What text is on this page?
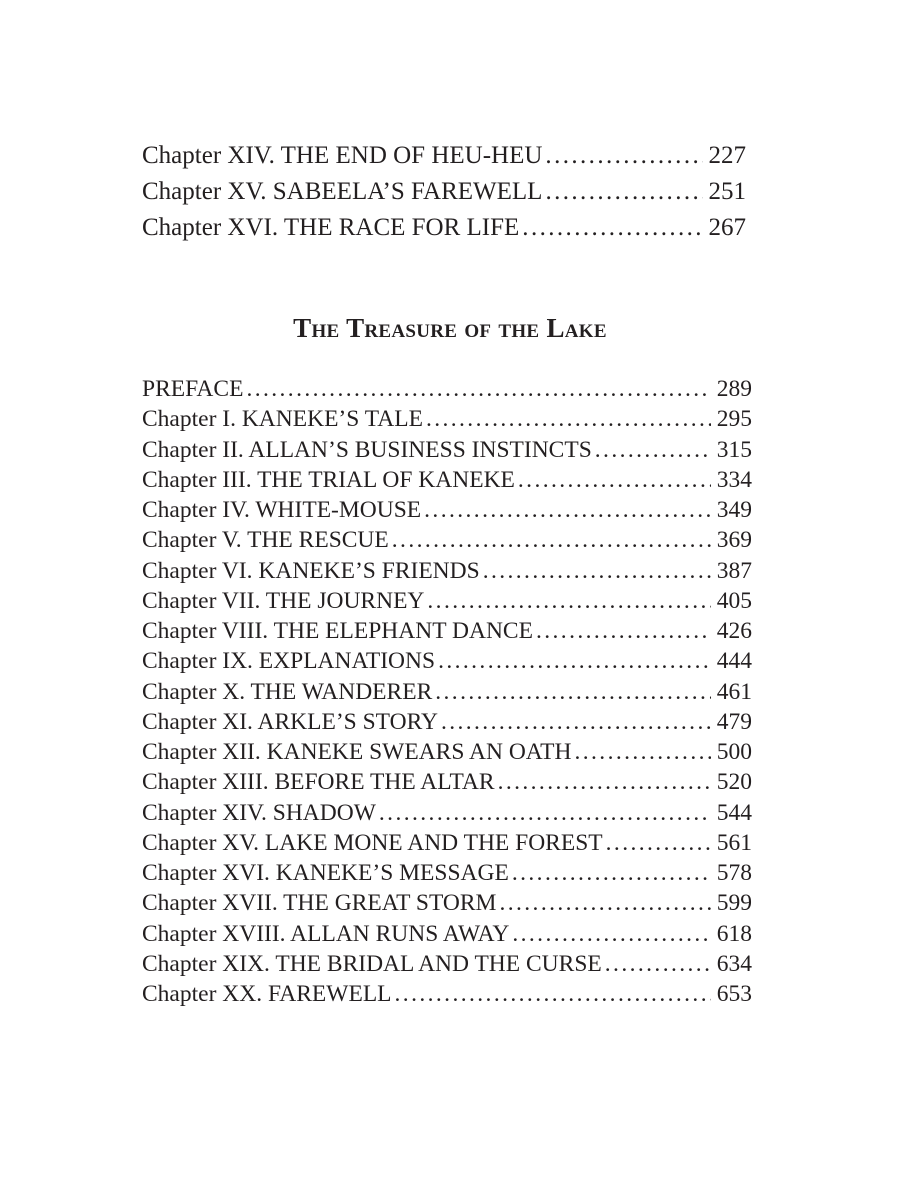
Chapter XIV. THE END OF HEU-HEU .....	227
Chapter XV. SABEELA’S FAREWELL .....	251
Chapter XVI. THE RACE FOR LIFE .....	267
The Treasure of the Lake
PREFACE .....	289
Chapter I. KANEKE’S TALE .....	295
Chapter II. ALLAN’S BUSINESS INSTINCTS .....	315
Chapter III. THE TRIAL OF KANEKE .....	334
Chapter IV. WHITE-MOUSE .....	349
Chapter V. THE RESCUE .....	369
Chapter VI. KANEKE’S FRIENDS .....	387
Chapter VII. THE JOURNEY .....	405
Chapter VIII. THE ELEPHANT DANCE .....	426
Chapter IX. EXPLANATIONS .....	444
Chapter X. THE WANDERER .....	461
Chapter XI. ARKLE’S STORY .....	479
Chapter XII. KANEKE SWEARS AN OATH .....	500
Chapter XIII. BEFORE THE ALTAR .....	520
Chapter XIV. SHADOW .....	544
Chapter XV. LAKE MONE AND THE FOREST .....	561
Chapter XVI. KANEKE’S MESSAGE .....	578
Chapter XVII. THE GREAT STORM .....	599
Chapter XVIII. ALLAN RUNS AWAY .....	618
Chapter XIX. THE BRIDAL AND THE CURSE .....	634
Chapter XX. FAREWELL .....	653
